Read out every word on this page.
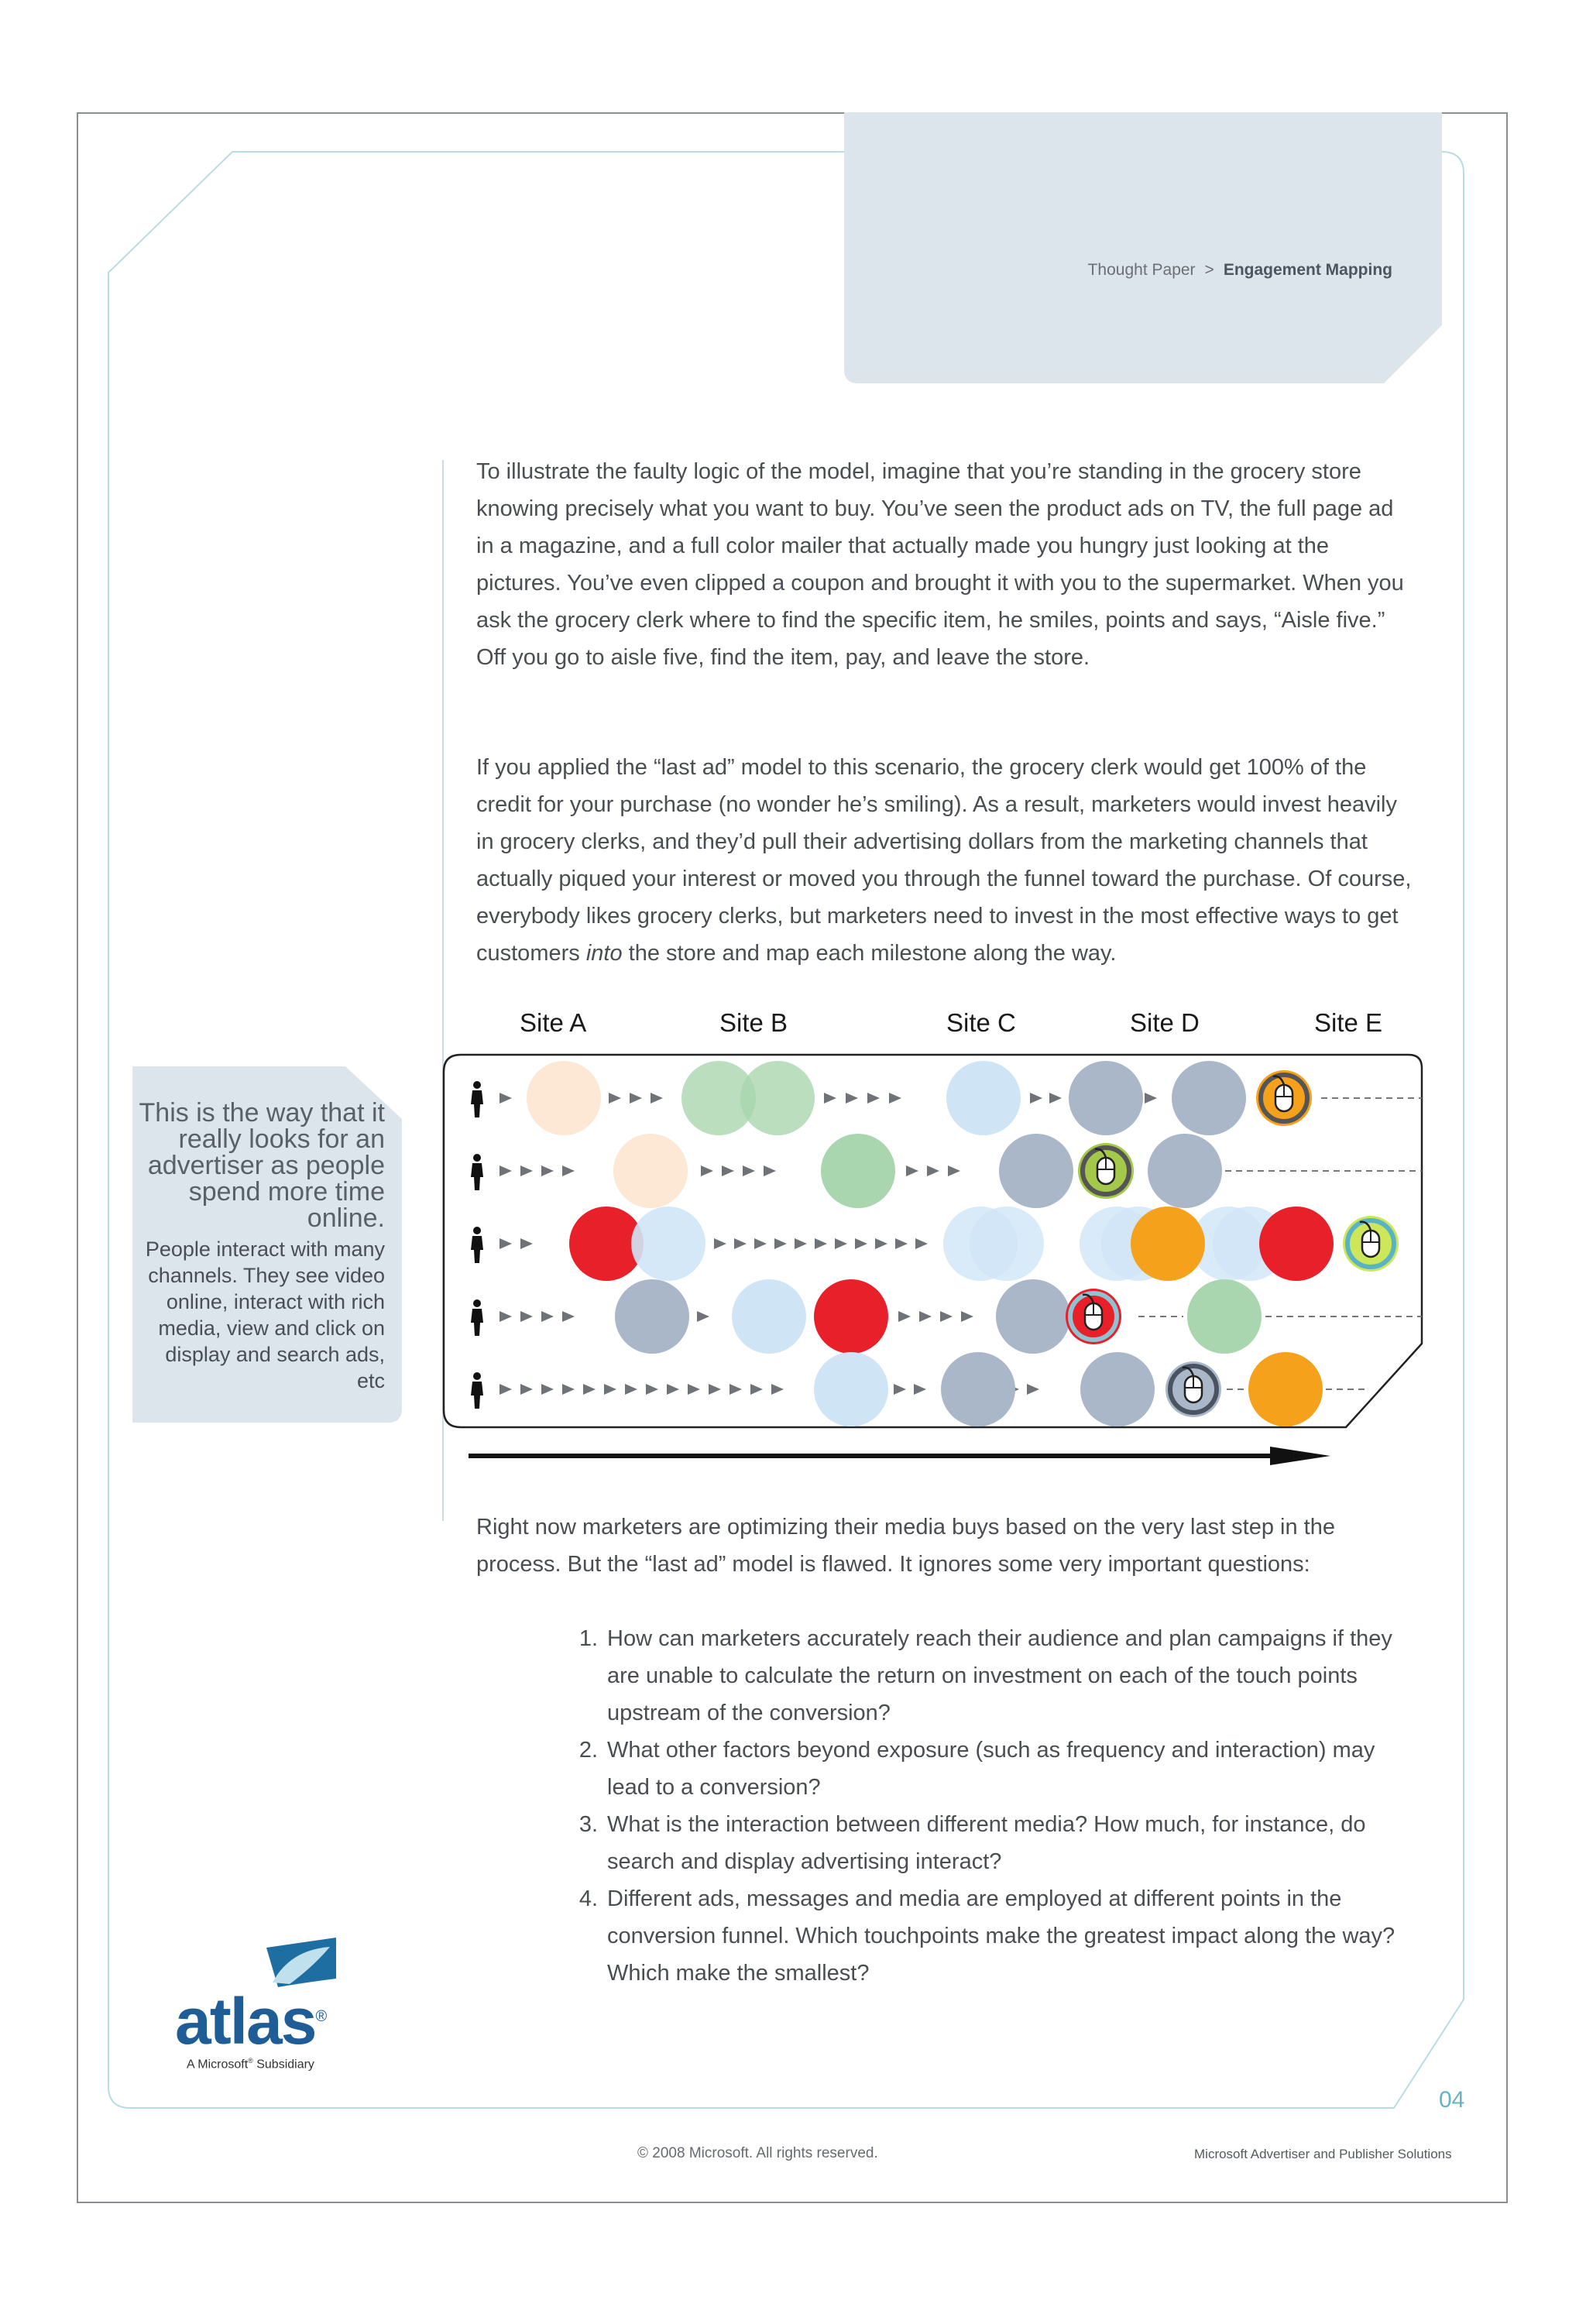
Thought Paper > Engagement Mapping
To illustrate the faulty logic of the model, imagine that you’re standing in the grocery store knowing precisely what you want to buy. You’ve seen the product ads on TV, the full page ad in a magazine, and a full color mailer that actually made you hungry just looking at the pictures. You’ve even clipped a coupon and brought it with you to the supermarket. When you ask the grocery clerk where to find the specific item, he smiles, points and says, “Aisle five.” Off you go to aisle five, find the item, pay, and leave the store.
If you applied the “last ad” model to this scenario, the grocery clerk would get 100% of the credit for your purchase (no wonder he’s smiling). As a result, marketers would invest heavily in grocery clerks, and they’d pull their advertising dollars from the marketing channels that actually piqued your interest or moved you through the funnel toward the purchase. Of course, everybody likes grocery clerks, but marketers need to invest in the most effective ways to get customers into the store and map each milestone along the way.
Site A	Site B	Site C	Site D	Site E
This is the way that it really looks for an advertiser as people spend more time online.
People interact with many channels. They see video online, interact with rich media, view and click on display and search ads, etc
Right now marketers are optimizing their media buys based on the very last step in the process. But the “last ad” model is flawed. It ignores some very important questions:
1. How can marketers accurately reach their audience and plan campaigns if they are unable to calculate the return on investment on each of the touch points upstream of the conversion?
2. What other factors beyond exposure (such as frequency and interaction) may lead to a conversion?
3. What is the interaction between different media? How much, for instance, do search and display advertising interact?
4. Different ads, messages and media are employed at different points in the conversion funnel. Which touchpoints make the greatest impact along the way? Which make the smallest?
atlas®
A Microsoft® Subsidiary
04
© 2008 Microsoft. All rights reserved.	Microsoft Advertiser and Publisher Solutions
